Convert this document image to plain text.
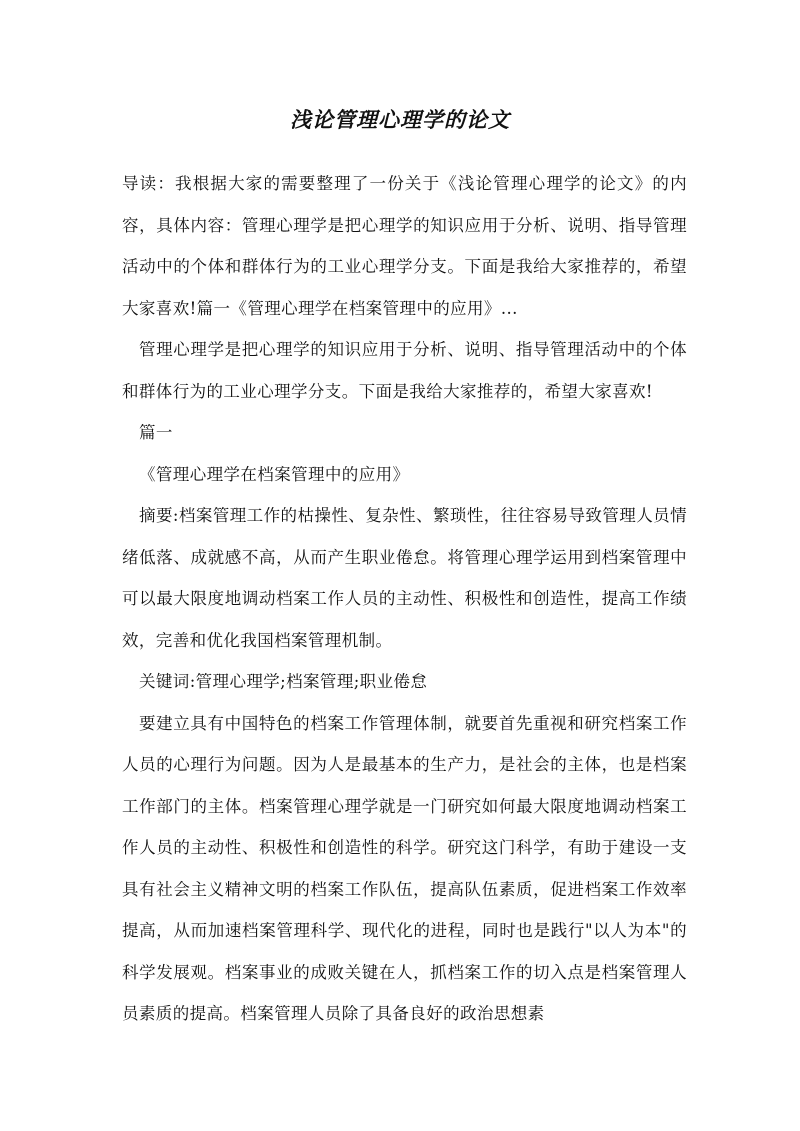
浅论管理心理学的论文

导读：我根据大家的需要整理了一份关于《浅论管理心理学的论文》的内容，具体内容：管理心理学是把心理学的知识应用于分析、说明、指导管理活动中的个体和群体行为的工业心理学分支。下面是我给大家推荐的，希望大家喜欢!篇一《管理心理学在档案管理中的应用》...

管理心理学是把心理学的知识应用于分析、说明、指导管理活动中的个体和群体行为的工业心理学分支。下面是我给大家推荐的，希望大家喜欢!

篇一

《管理心理学在档案管理中的应用》

摘要:档案管理工作的枯操性、复杂性、繁琐性，往往容易导致管理人员情绪低落、成就感不高，从而产生职业倦怠。将管理心理学运用到档案管理中可以最大限度地调动档案工作人员的主动性、积极性和创造性，提高工作绩效，完善和优化我国档案管理机制。

关键词:管理心理学;档案管理;职业倦怠

要建立具有中国特色的档案工作管理体制，就要首先重视和研究档案工作人员的心理行为问题。因为人是最基本的生产力，是社会的主体，也是档案工作部门的主体。档案管理心理学就是一门研究如何最大限度地调动档案工作人员的主动性、积极性和创造性的科学。研究这门科学，有助于建设一支具有社会主义精神文明的档案工作队伍，提高队伍素质，促进档案工作效率提高，从而加速档案管理科学、现代化的进程，同时也是践行"以人为本"的科学发展观。档案事业的成败关键在人，抓档案工作的切入点是档案管理人员素质的提高。档案管理人员除了具备良好的政治思想素
